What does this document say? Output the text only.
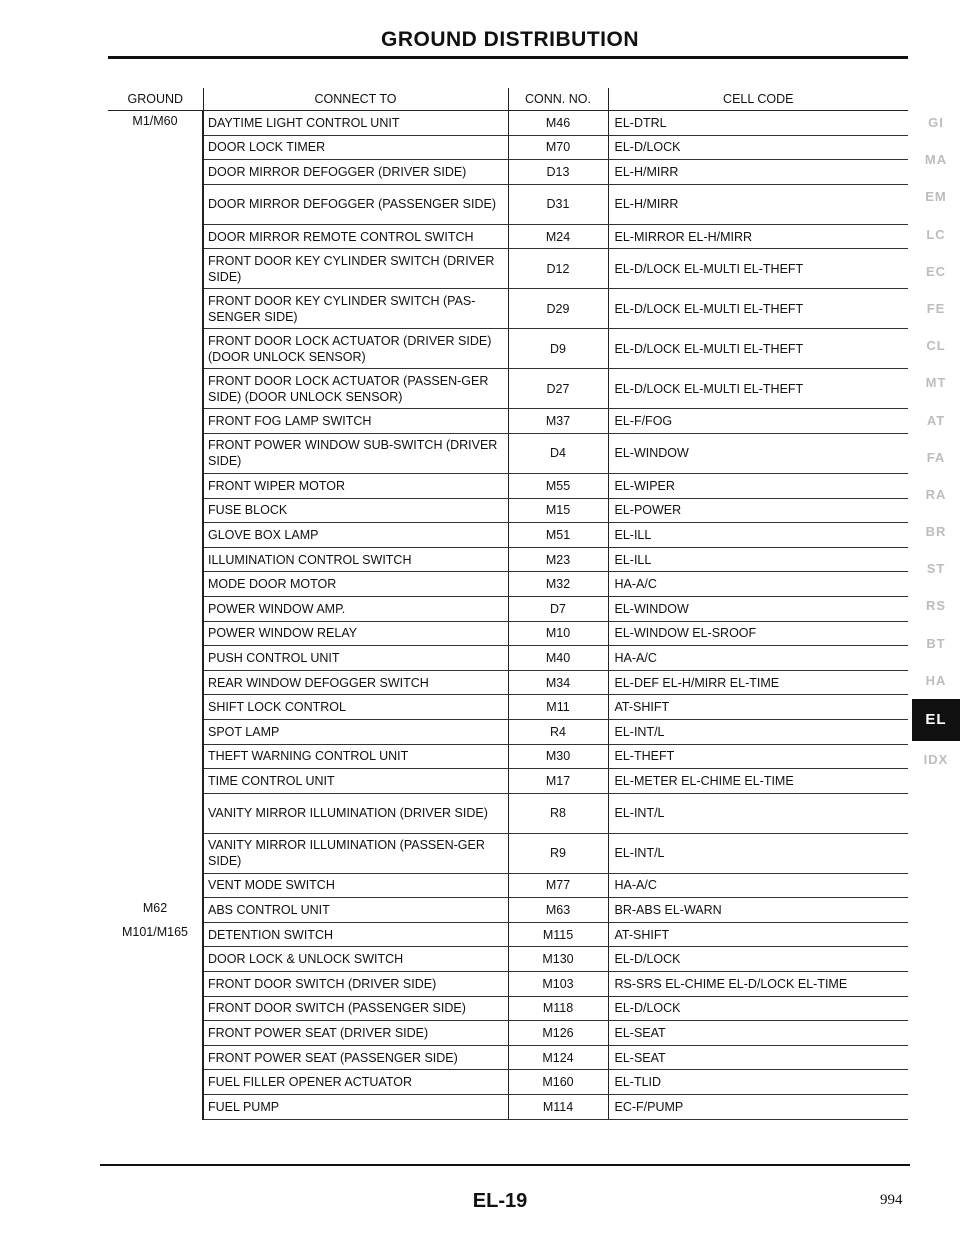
GROUND DISTRIBUTION
GROUND	CONNECT TO	CONN. NO.	CELL CODE
M1/M60	DAYTIME LIGHT CONTROL UNIT	M46	EL-DTRL
	DOOR LOCK TIMER	M70	EL-D/LOCK
	DOOR MIRROR DEFOGGER (DRIVER SIDE)	D13	EL-H/MIRR
	DOOR MIRROR DEFOGGER (PASSENGER SIDE)	D31	EL-H/MIRR
	DOOR MIRROR REMOTE CONTROL SWITCH	M24	EL-MIRROR EL-H/MIRR
	FRONT DOOR KEY CYLINDER SWITCH (DRIVER SIDE)	D12	EL-D/LOCK EL-MULTI EL-THEFT
	FRONT DOOR KEY CYLINDER SWITCH (PAS-SENGER SIDE)	D29	EL-D/LOCK EL-MULTI EL-THEFT
	FRONT DOOR LOCK ACTUATOR (DRIVER SIDE) (DOOR UNLOCK SENSOR)	D9	EL-D/LOCK EL-MULTI EL-THEFT
	FRONT DOOR LOCK ACTUATOR (PASSEN-GER SIDE) (DOOR UNLOCK SENSOR)	D27	EL-D/LOCK EL-MULTI EL-THEFT
	FRONT FOG LAMP SWITCH	M37	EL-F/FOG
	FRONT POWER WINDOW SUB-SWITCH (DRIVER SIDE)	D4	EL-WINDOW
	FRONT WIPER MOTOR	M55	EL-WIPER
	FUSE BLOCK	M15	EL-POWER
	GLOVE BOX LAMP	M51	EL-ILL
	ILLUMINATION CONTROL SWITCH	M23	EL-ILL
	MODE DOOR MOTOR	M32	HA-A/C
	POWER WINDOW AMP.	D7	EL-WINDOW
	POWER WINDOW RELAY	M10	EL-WINDOW EL-SROOF
	PUSH CONTROL UNIT	M40	HA-A/C
	REAR WINDOW DEFOGGER SWITCH	M34	EL-DEF EL-H/MIRR EL-TIME
	SHIFT LOCK CONTROL	M11	AT-SHIFT
	SPOT LAMP	R4	EL-INT/L
	THEFT WARNING CONTROL UNIT	M30	EL-THEFT
	TIME CONTROL UNIT	M17	EL-METER EL-CHIME EL-TIME
	VANITY MIRROR ILLUMINATION (DRIVER SIDE)	R8	EL-INT/L
	VANITY MIRROR ILLUMINATION (PASSEN-GER SIDE)	R9	EL-INT/L
	VENT MODE SWITCH	M77	HA-A/C
M62	ABS CONTROL UNIT	M63	BR-ABS EL-WARN
M101/M165	DETENTION SWITCH	M115	AT-SHIFT
	DOOR LOCK & UNLOCK SWITCH	M130	EL-D/LOCK
	FRONT DOOR SWITCH (DRIVER SIDE)	M103	RS-SRS EL-CHIME EL-D/LOCK EL-TIME
	FRONT DOOR SWITCH (PASSENGER SIDE)	M118	EL-D/LOCK
	FRONT POWER SEAT (DRIVER SIDE)	M126	EL-SEAT
	FRONT POWER SEAT (PASSENGER SIDE)	M124	EL-SEAT
	FUEL FILLER OPENER ACTUATOR	M160	EL-TLID
	FUEL PUMP	M114	EC-F/PUMP
EL-19	994
GI
MA
EM
LC
EC
FE
CL
MT
AT
FA
RA
BR
ST
RS
BT
HA
EL
IDX
